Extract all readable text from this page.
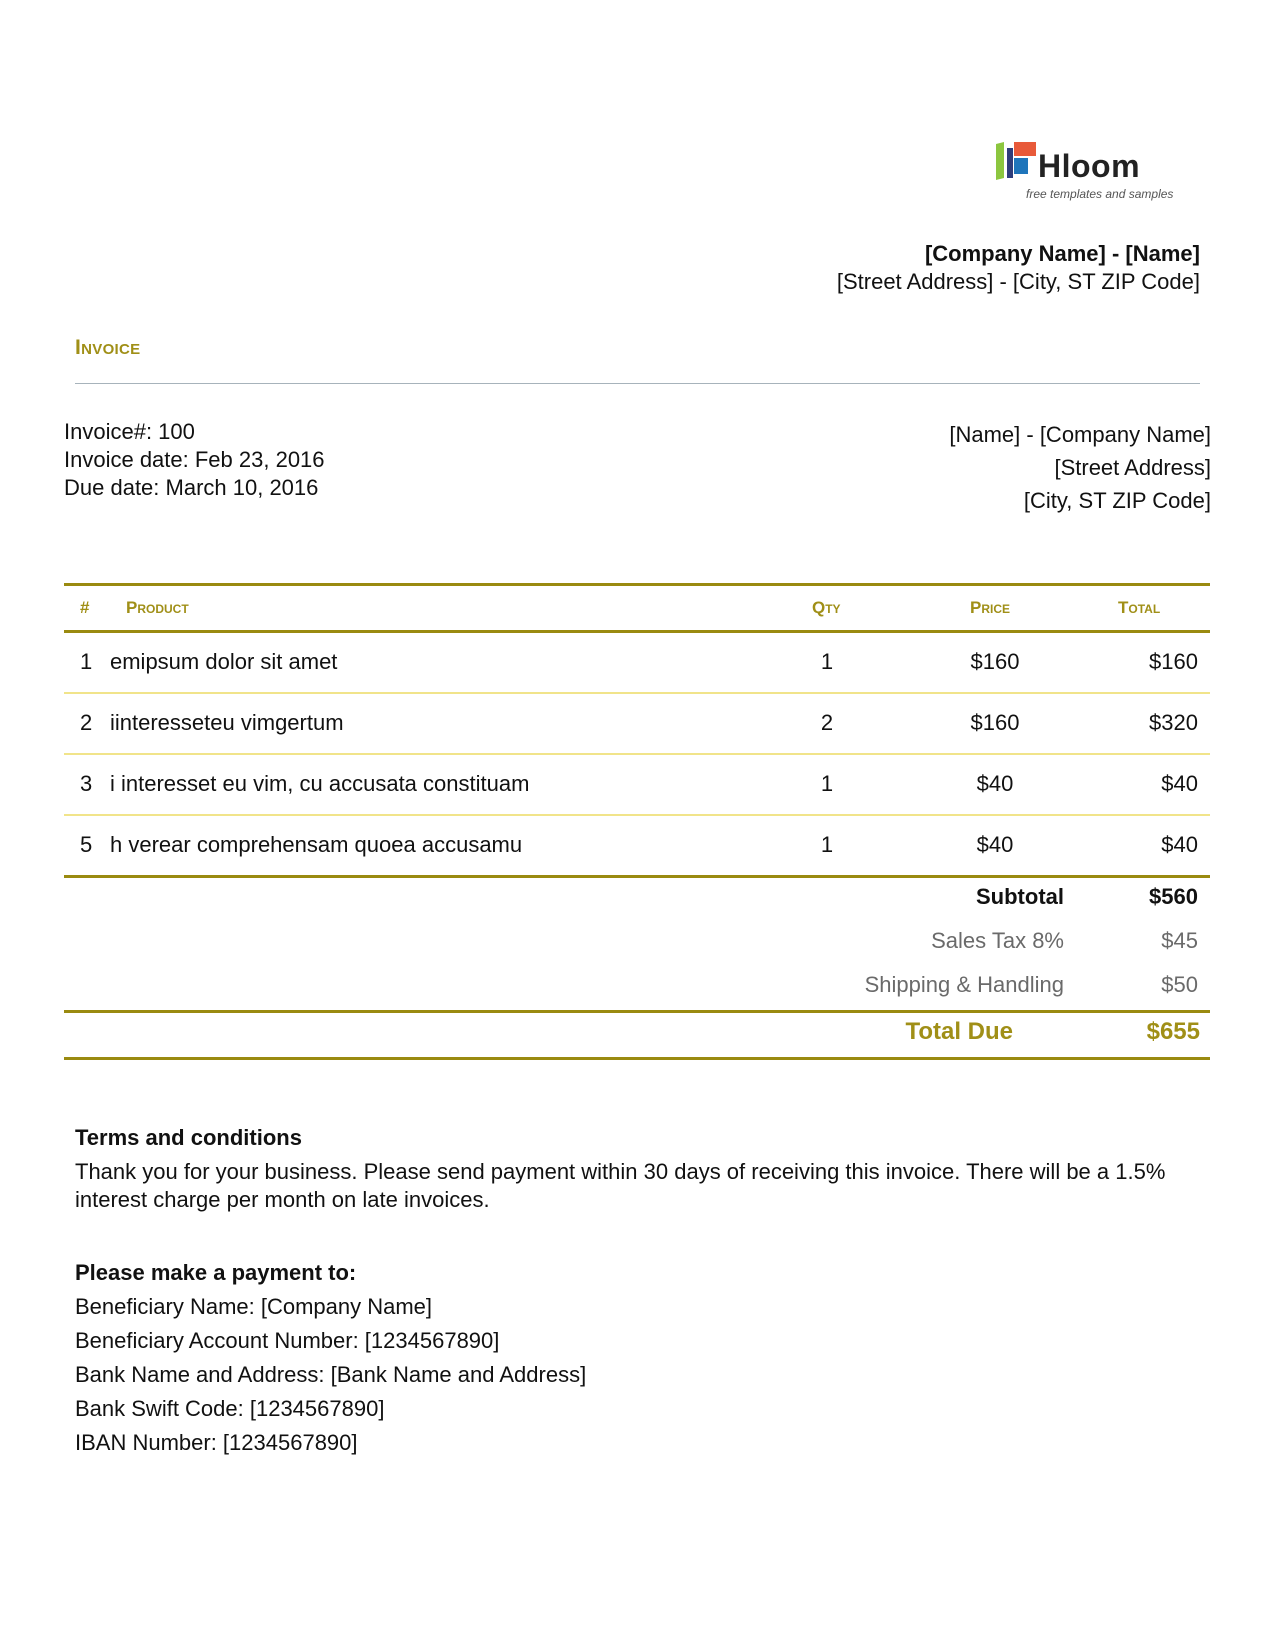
Hloom
free templates and samples
[Company Name] - [Name]
[Street Address] - [City, ST ZIP Code]
Invoice
Invoice#: 100
Invoice date: Feb 23, 2016
Due date: March 10, 2016
[Name] - [Company Name]
[Street Address]
[City, ST ZIP Code]
# Product	Qty	Price	Total
1 emipsum dolor sit amet	1	$160	$160
2 iinteresseteu vimgertum	2	$160	$320
3 i interesset eu vim, cu accusata constituam	1	$40	$40
5 h verear comprehensam quoea accusamu	1	$40	$40
Subtotal	$560
Sales Tax 8%	$45
Shipping & Handling	$50
Total Due	$655
Terms and conditions
Thank you for your business. Please send payment within 30 days of receiving this invoice. There will be a 1.5% interest charge per month on late invoices.
Please make a payment to:
Beneficiary Name: [Company Name]
Beneficiary Account Number: [1234567890]
Bank Name and Address: [Bank Name and Address]
Bank Swift Code: [1234567890]
IBAN Number: [1234567890]
